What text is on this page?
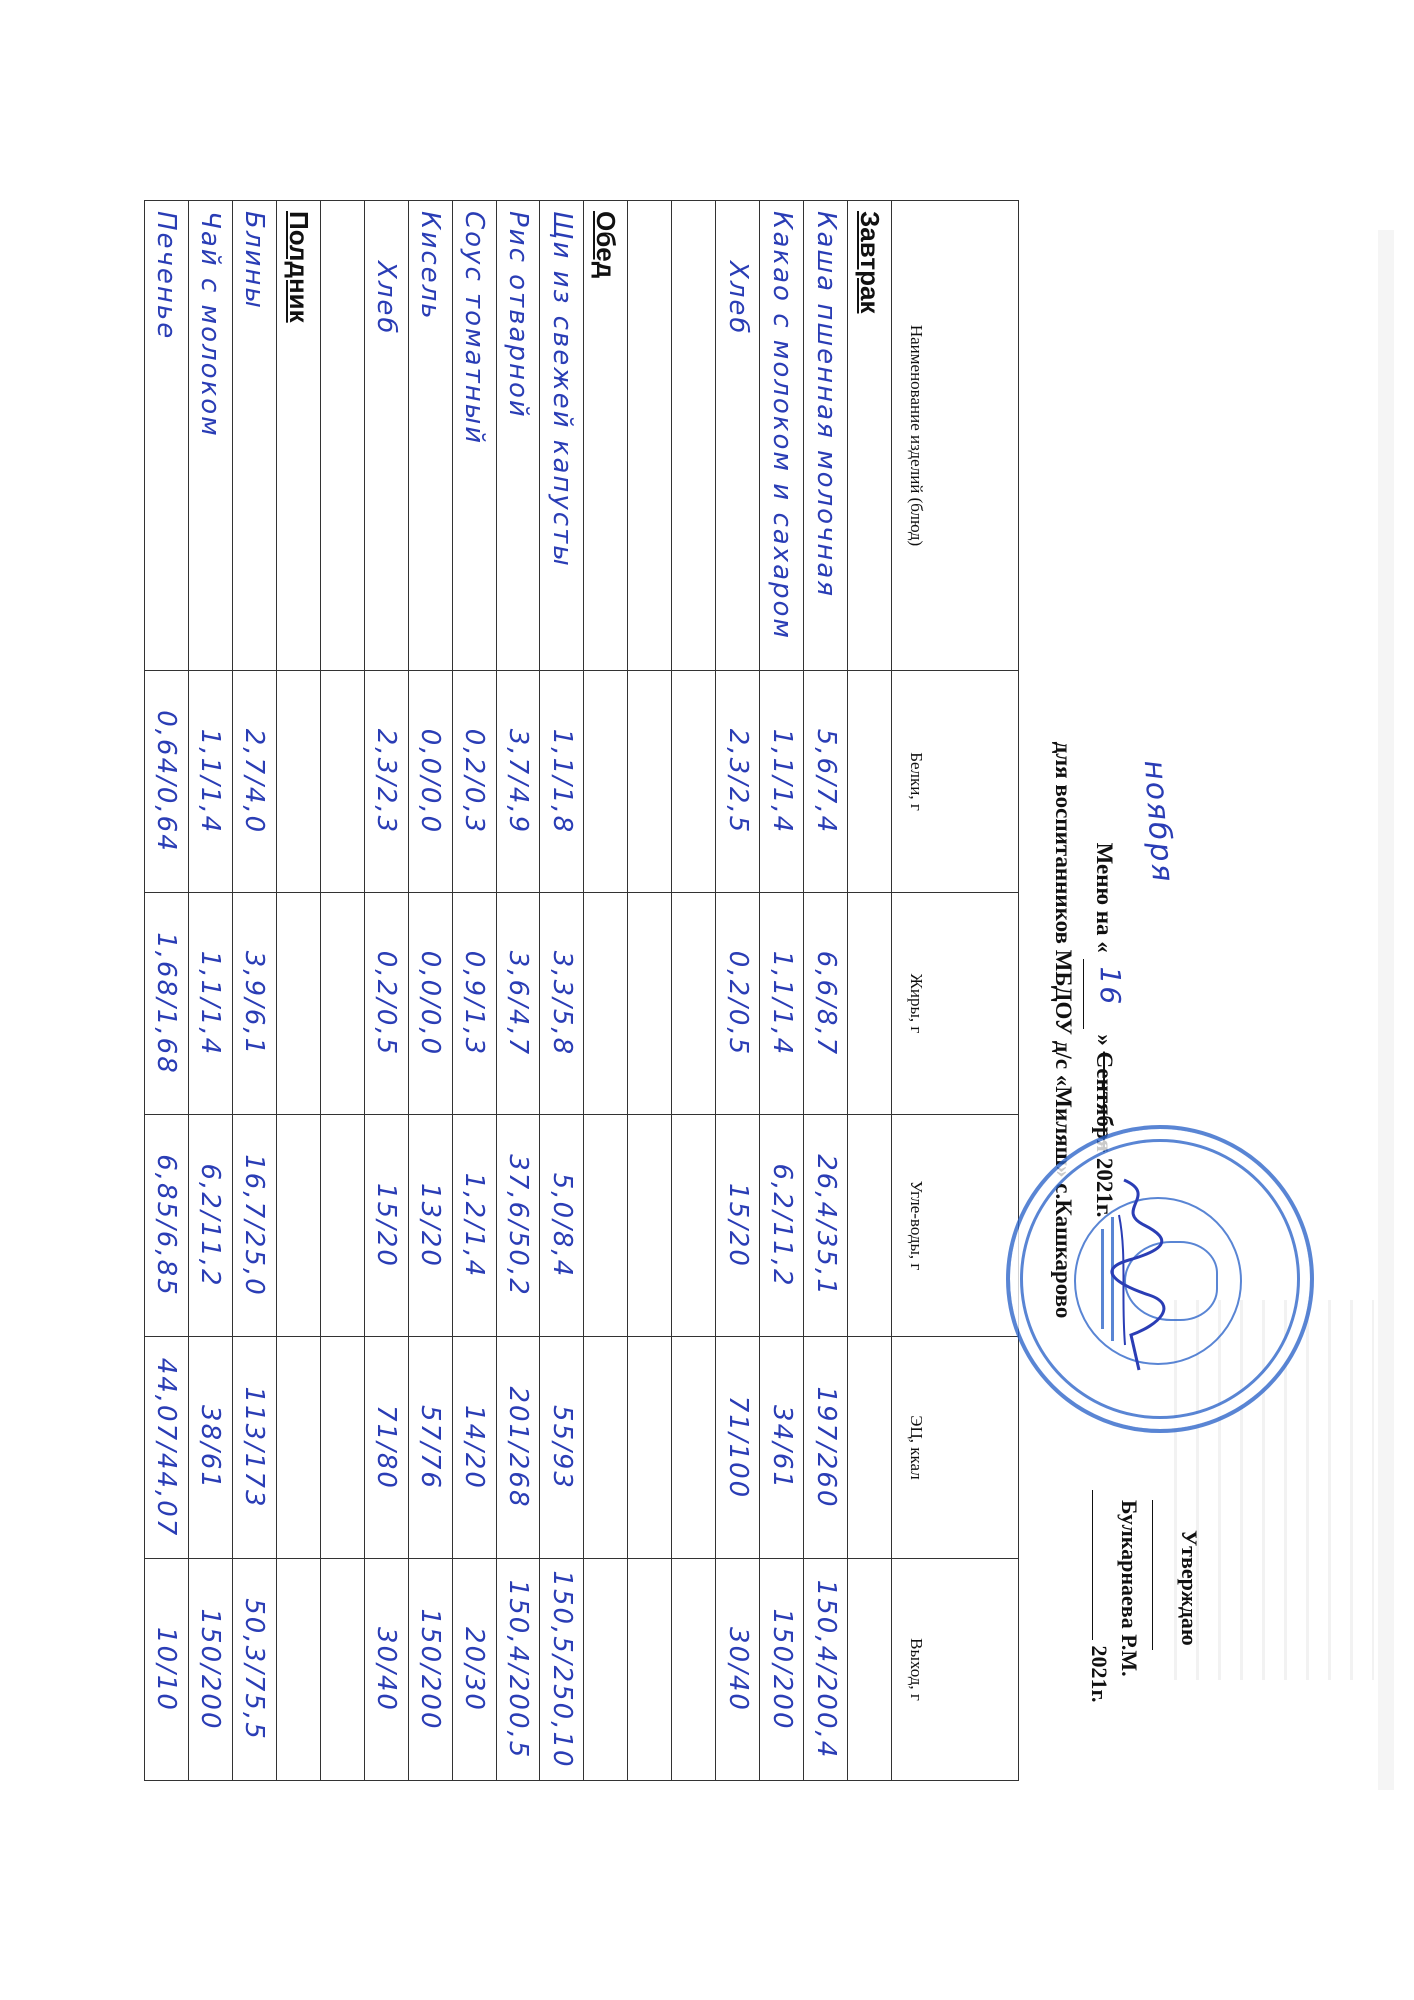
Утверждаю
Булкарнаева Р.М.
2021г.
Меню на «
16
» Сентября 2021г.
для воспитанников МБДОУ д/с «Миляш» с.Кашкарово ноября
Наименование изделий (блюд)	Белки, г	Жиры, г	Угле-воды, г	ЭЦ, ккал	Выход, г
Завтрак					
Каша пшенная молочная	5,6/7,4	6,6/8,7	26,4/35,1	197/260	150,4/200,4
Какао с молоком и сахаром	1,1/1,4	1,1/1,4	6,2/11,2	34/61	150/200
Хлеб	2,3/2,5	0,2/0,5	15/20	71/100	30/40

Обед					
Щи из свежей капусты	1,1/1,8	3,3/5,8	5,0/8,4	55/93	150,5/250,10
Рис отварной	3,7/4,9	3,6/4,7	37,6/50,2	201/268	150,4/200,5
Соус томатный	0,2/0,3	0,9/1,3	1,2/1,4	14/20	20/30
Кисель	0,0/0,0	0,0/0,0	13/20	57/76	150/200
Хлеб	2,3/2,3	0,2/0,5	15/20	71/80	30/40

Полдник					
Блины	2,7/4,0	3,9/6,1	16,7/25,0	113/173	50,3/75,5
Чай с молоком	1,1/1,4	1,1/1,4	6,2/11,2	38/61	150/200
Печенье	0,64/0,64	1,68/1,68	6,85/6,85	44,07/44,07	10/10
